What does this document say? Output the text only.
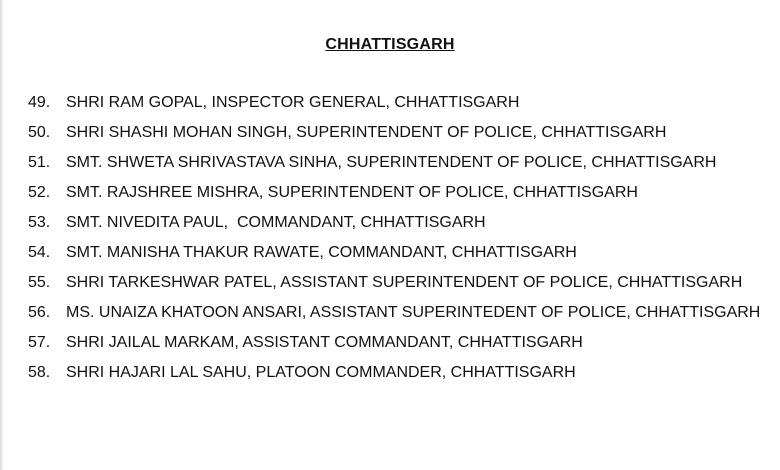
CHHATTISGARH
49. SHRI RAM GOPAL, INSPECTOR GENERAL, CHHATTISGARH
50. SHRI SHASHI MOHAN SINGH, SUPERINTENDENT OF POLICE, CHHATTISGARH
51. SMT. SHWETA SHRIVASTAVA SINHA, SUPERINTENDENT OF POLICE, CHHATTISGARH
52. SMT. RAJSHREE MISHRA, SUPERINTENDENT OF POLICE, CHHATTISGARH
53. SMT. NIVEDITA PAUL,  COMMANDANT, CHHATTISGARH
54. SMT. MANISHA THAKUR RAWATE, COMMANDANT, CHHATTISGARH
55. SHRI TARKESHWAR PATEL, ASSISTANT SUPERINTENDENT OF POLICE, CHHATTISGARH
56. MS. UNAIZA KHATOON ANSARI, ASSISTANT SUPERINTEDENT OF POLICE, CHHATTISGARH
57. SHRI JAILAL MARKAM, ASSISTANT COMMANDANT, CHHATTISGARH
58. SHRI HAJARI LAL SAHU, PLATOON COMMANDER, CHHATTISGARH
